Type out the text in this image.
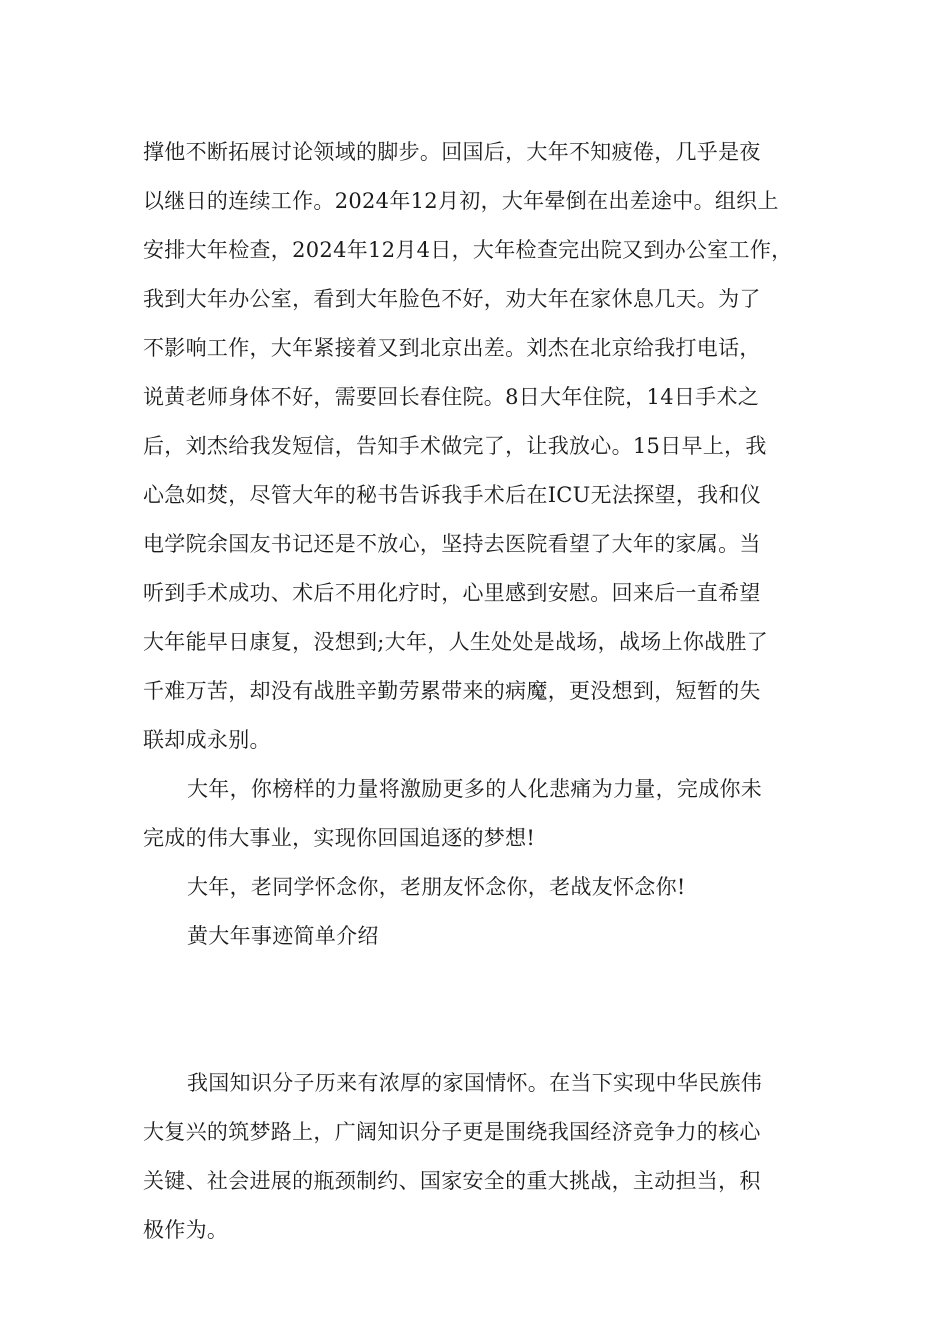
撑他不断拓展讨论领域的脚步。回国后，大年不知疲倦，几乎是夜
以继日的连续工作。2024年12月初，大年晕倒在出差途中。组织上
安排大年检查，2024年12月4日，大年检查完出院又到办公室工作，
我到大年办公室，看到大年脸色不好，劝大年在家休息几天。为了
不影响工作，大年紧接着又到北京出差。刘杰在北京给我打电话，
说黄老师身体不好，需要回长春住院。8日大年住院，14日手术之
后，刘杰给我发短信，告知手术做完了，让我放心。15日早上，我
心急如焚，尽管大年的秘书告诉我手术后在ICU无法探望，我和仪
电学院余国友书记还是不放心，坚持去医院看望了大年的家属。当
听到手术成功、术后不用化疗时，心里感到安慰。回来后一直希望
大年能早日康复，没想到;大年，人生处处是战场，战场上你战胜了
千难万苦，却没有战胜辛勤劳累带来的病魔，更没想到，短暂的失
联却成永别。
大年，你榜样的力量将激励更多的人化悲痛为力量，完成你未
完成的伟大事业，实现你回国追逐的梦想!
大年，老同学怀念你，老朋友怀念你，老战友怀念你!
黄大年事迹简单介绍
我国知识分子历来有浓厚的家国情怀。在当下实现中华民族伟
大复兴的筑梦路上，广阔知识分子更是围绕我国经济竞争力的核心
关键、社会进展的瓶颈制约、国家安全的重大挑战，主动担当，积
极作为。
